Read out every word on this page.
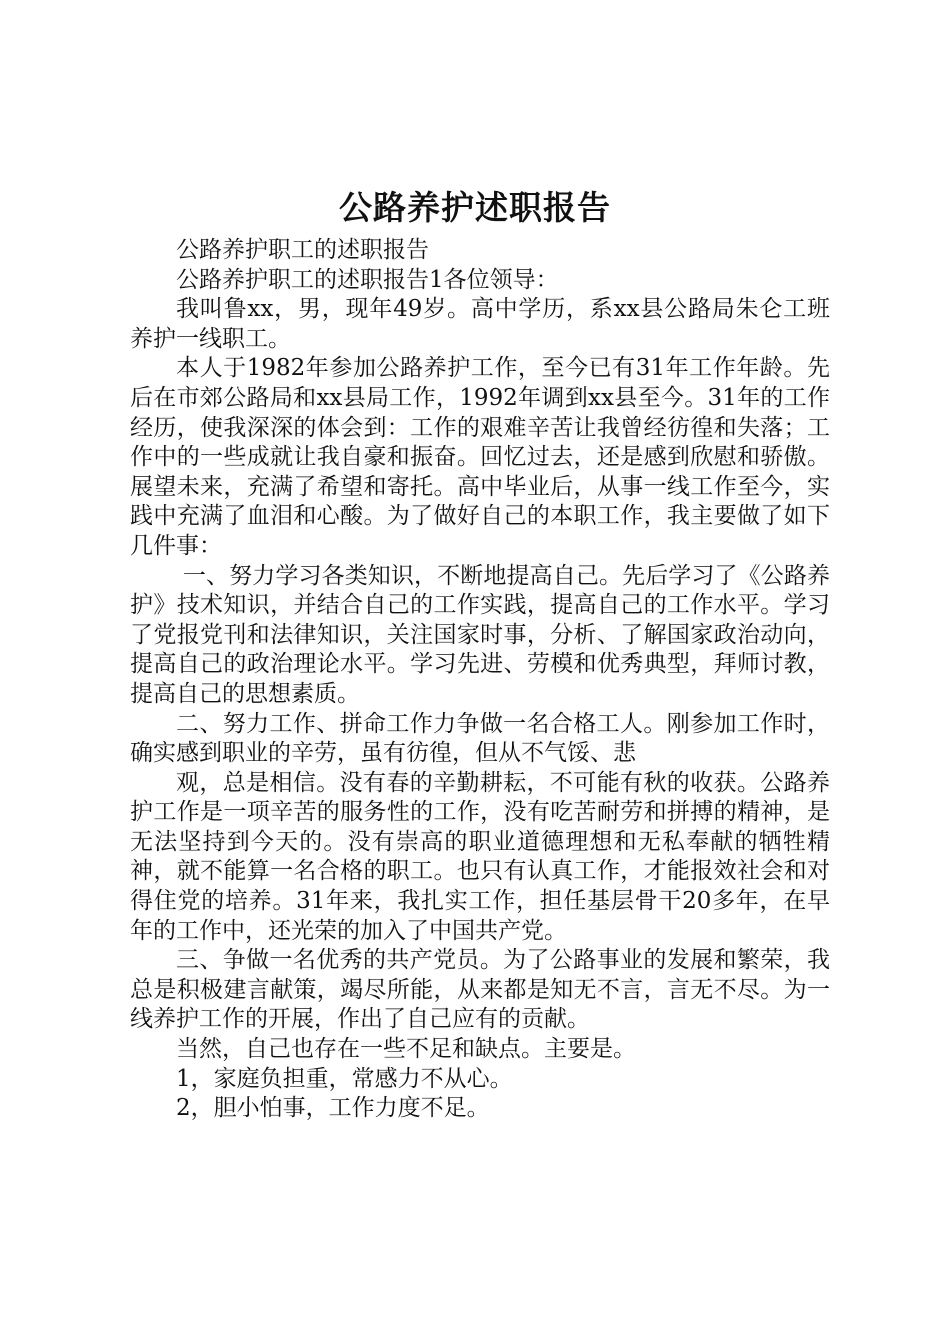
公路养护述职报告

公路养护职工的述职报告

公路养护职工的述职报告1各位领导：

我叫鲁xx，男，现年49岁。高中学历，系xx县公路局朱仑工班养护一线职工。

本人于1982年参加公路养护工作，至今已有31年工作年龄。先后在市郊公路局和xx县局工作，1992年调到xx县至今。31年的工作经历，使我深深的体会到：工作的艰难辛苦让我曾经彷徨和失落；工作中的一些成就让我自豪和振奋。回忆过去，还是感到欣慰和骄傲。展望未来，充满了希望和寄托。高中毕业后，从事一线工作至今，实践中充满了血泪和心酸。为了做好自己的本职工作，我主要做了如下几件事：

一、努力学习各类知识，不断地提高自己。先后学习了《公路养护》技术知识，并结合自己的工作实践，提高自己的工作水平。学习了党报党刊和法律知识，关注国家时事，分析、了解国家政治动向，提高自己的政治理论水平。学习先进、劳模和优秀典型，拜师讨教，提高自己的思想素质。

二、努力工作、拼命工作力争做一名合格工人。刚参加工作时，确实感到职业的辛劳，虽有彷徨，但从不气馁、悲

观，总是相信。没有春的辛勤耕耘，不可能有秋的收获。公路养护工作是一项辛苦的服务性的工作，没有吃苦耐劳和拼搏的精神，是无法坚持到今天的。没有崇高的职业道德理想和无私奉献的牺牲精神，就不能算一名合格的职工。也只有认真工作，才能报效社会和对得住党的培养。31年来，我扎实工作，担任基层骨干20多年，在早年的工作中，还光荣的加入了中国共产党。

三、争做一名优秀的共产党员。为了公路事业的发展和繁荣，我总是积极建言献策，竭尽所能，从来都是知无不言，言无不尽。为一线养护工作的开展，作出了自己应有的贡献。

当然，自己也存在一些不足和缺点。主要是。

1，家庭负担重，常感力不从心。

2，胆小怕事，工作力度不足。
